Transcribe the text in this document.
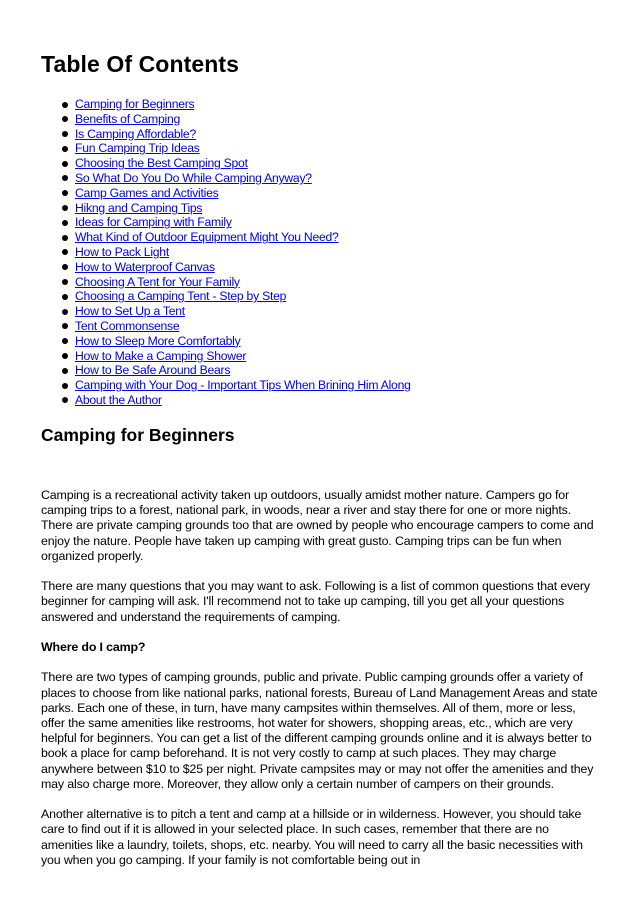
Table Of Contents
Camping for Beginners
Benefits of Camping
Is Camping Affordable?
Fun Camping Trip Ideas
Choosing the Best Camping Spot
So What Do You Do While Camping Anyway?
Camp Games and Activities
Hikng and Camping Tips
Ideas for Camping with Family
What Kind of Outdoor Equipment Might You Need?
How to Pack Light
How to Waterproof Canvas
Choosing A Tent for Your Family
Choosing a Camping Tent - Step by Step
How to Set Up a Tent
Tent Commonsense
How to Sleep More Comfortably
How to Make a Camping Shower
How to Be Safe Around Bears
Camping with Your Dog - Important Tips When Brining Him Along
About the Author
Camping for Beginners

Camping is a recreational activity taken up outdoors, usually amidst mother nature. Campers go for camping trips to a forest, national park, in woods, near a river and stay there for one or more nights. There are private camping grounds too that are owned by people who encourage campers to come and enjoy the nature. People have taken up camping with great gusto. Camping trips can be fun when organized properly.

There are many questions that you may want to ask. Following is a list of common questions that every beginner for camping will ask. I'll recommend not to take up camping, till you get all your questions answered and understand the requirements of camping.

Where do I camp?

There are two types of camping grounds, public and private. Public camping grounds offer a variety of places to choose from like national parks, national forests, Bureau of Land Management Areas and state parks. Each one of these, in turn, have many campsites within themselves. All of them, more or less, offer the same amenities like restrooms, hot water for showers, shopping areas, etc., which are very helpful for beginners. You can get a list of the different camping grounds online and it is always better to book a place for camp beforehand. It is not very costly to camp at such places. They may charge anywhere between $10 to $25 per night. Private campsites may or may not offer the amenities and they may also charge more. Moreover, they allow only a certain number of campers on their grounds.

Another alternative is to pitch a tent and camp at a hillside or in wilderness. However, you should take care to find out if it is allowed in your selected place. In such cases, remember that there are no amenities like a laundry, toilets, shops, etc. nearby. You will need to carry all the basic necessities with you when you go camping. If your family is not comfortable being out in
